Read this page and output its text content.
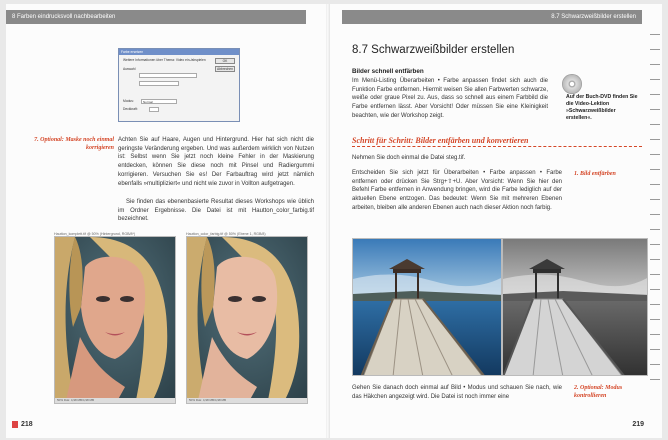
8 Farben eindrucksvoll nachbearbeiten
Farbe ersetzen
Weitere Informationen über Thema: Video ein-/abspielen
Auswahl
Modus:	Normal
Deckkraft:
OK
Abbrechen
7. Optional: Maske noch einmal korrigieren
Achten Sie auf Haare, Augen und Hintergrund. Hier hat sich nicht die geringste Veränderung ergeben. Und was außerdem wirklich von Nutzen ist: Selbst wenn Sie jetzt noch kleine Fehler in der Maskierung entdecken, können Sie diese noch mit Pinsel und Radiergummi korrigieren. Versuchen Sie es! Der Farbauftrag wird jetzt nämlich ebenfalls »multipliziert« und nicht wie zuvor in Vollton aufgetragen.
Sie finden das ebenenbasierte Resultat dieses Workshops wie üblich im Ordner Ergebnisse. Die Datei ist mit Hautton_color_farbig.tif bezeichnet.
Hautton_komplett.tif @ 50% (Hintergrund, RGB/8*)
50% Dok: 4,98 MB/4,98 MB
Hautton_color_farbig.tif @ 50% (Ebene 1, RGB/8)
50% Dok: 4,98 MB/4,98 MB
218
8.7 Schwarzweißbilder erstellen
8.7 Schwarzweißbilder erstellen
Bilder schnell entfärben
Im Menü-Listing Überarbeiten • Farbe anpassen findet sich auch die Funktion Farbe entfernen. Hiermit weisen Sie allen Farbwerten schwarze, weiße oder graue Pixel zu. Aus, dass so schnell aus einem Farbbild die Farbe entfernen lässt. Aber Vorsicht! Oder müssen Sie eine Kleinigkeit beachten, wie der Workshop zeigt.
Auf der Buch-DVD finden Sie die Video-Lektion »Schwarzweißbilder erstellen«.
Schritt für Schritt: Bilder entfärben und konvertieren
Nehmen Sie doch einmal die Datei steg.tif.
Entscheiden Sie sich jetzt für Überarbeiten • Farbe anpassen • Farbe entfernen oder drücken Sie Strg+⇧+U. Aber Vorsicht: Wenn Sie hier den Befehl Farbe entfernen in Anwendung bringen, wird die Farbe lediglich auf der aktuellen Ebene entzogen. Das bedeutet: Wenn Sie mit mehreren Ebenen arbeiten, bleiben alle anderen Ebenen auch nach dieser Aktion noch farbig.
1. Bild entfärben
Gehen Sie danach doch einmal auf Bild • Modus und schauen Sie nach, wie das Häkchen angezeigt wird. Die Datei ist noch immer eine
2. Optional: Modus kontrollieren
219
